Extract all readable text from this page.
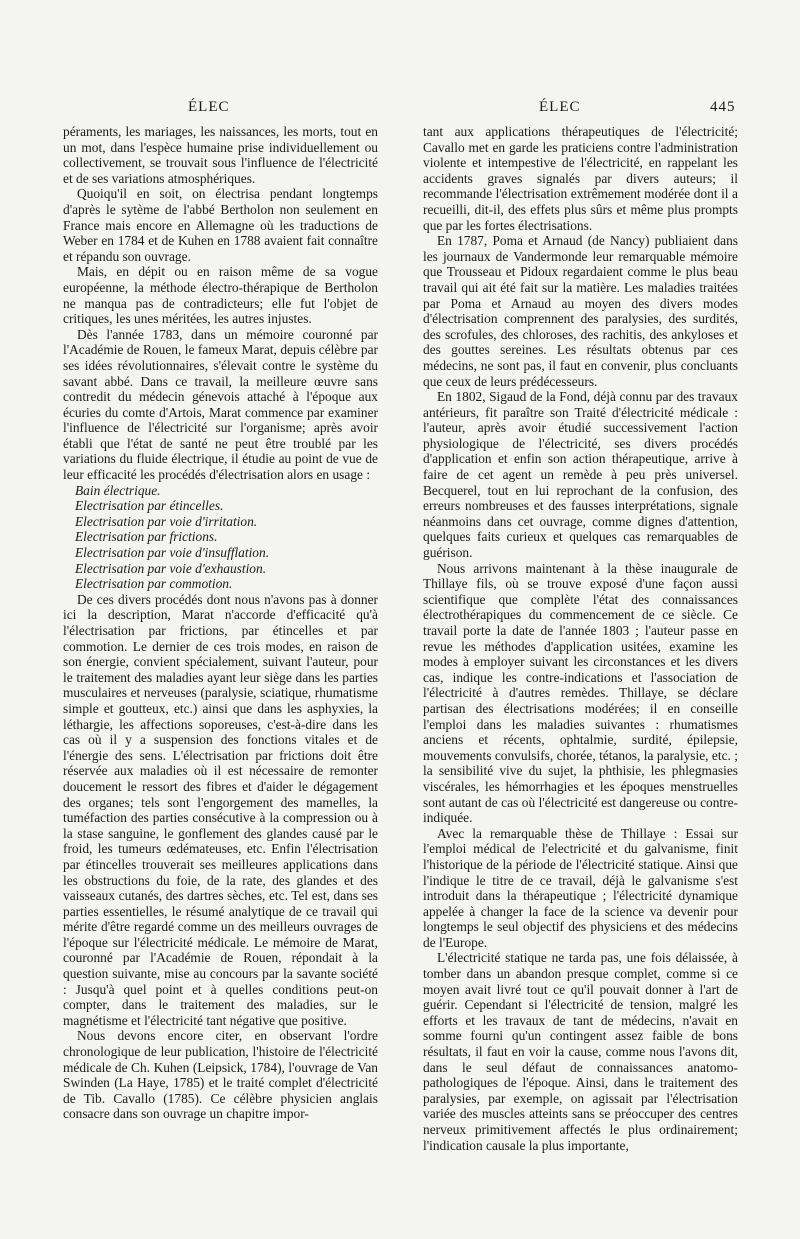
ÉLEC	ÉLEC	445

péraments, les mariages, les naissances, les morts, tout en un mot, dans l'espèce humaine prise individuellement ou collectivement, se trouvait sous l'influence de l'électricité et de ses variations atmosphériques.

Quoiqu'il en soit, on électrisa pendant longtemps d'après le sytème de l'abbé Bertholon non seulement en France mais encore en Allemagne où les traductions de Weber en 1784 et de Kuhen en 1788 avaient fait connaître et répandu son ouvrage.

Mais, en dépit ou en raison même de sa vogue européenne, la méthode électro-thérapique de Bertholon ne manqua pas de contradicteurs; elle fut l'objet de critiques, les unes méritées, les autres injustes.

Dès l'année 1783, dans un mémoire couronné par l'Académie de Rouen, le fameux Marat, depuis célèbre par ses idées révolutionnaires, s'élevait contre le système du savant abbé. Dans ce travail, la meilleure œuvre sans contredit du médecin génevois attaché à l'époque aux écuries du comte d'Artois, Marat commence par examiner l'influence de l'électricité sur l'organisme; après avoir établi que l'état de santé ne peut être troublé par les variations du fluide électrique, il étudie au point de vue de leur efficacité les procédés d'électrisation alors en usage :

Bain électrique.

Electrisation par étincelles.

Electrisation par voie d'irritation.

Electrisation par frictions.

Electrisation par voie d'insufflation.

Electrisation par voie d'exhaustion.

Electrisation par commotion.

De ces divers procédés dont nous n'avons pas à donner ici la description, Marat n'accorde d'efficacité qu'à l'électrisation par frictions, par étincelles et par commotion. Le dernier de ces trois modes, en raison de son énergie, convient spécialement, suivant l'auteur, pour le traitement des maladies ayant leur siège dans les parties musculaires et nerveuses (paralysie, sciatique, rhumatisme simple et goutteux, etc.) ainsi que dans les asphyxies, la léthargie, les affections soporeuses, c'est-à-dire dans les cas où il y a suspension des fonctions vitales et de l'énergie des sens. L'électrisation par frictions doit être réservée aux maladies où il est nécessaire de remonter doucement le ressort des fibres et d'aider le dégagement des organes; tels sont l'engorgement des mamelles, la tuméfaction des parties consécutive à la compression ou à la stase sanguine, le gonflement des glandes causé par le froid, les tumeurs œdémateuses, etc. Enfin l'électrisation par étincelles trouverait ses meilleures applications dans les obstructions du foie, de la rate, des glandes et des vaisseaux cutanés, des dartres sèches, etc. Tel est, dans ses parties essentielles, le résumé analytique de ce travail qui mérite d'être regardé comme un des meilleurs ouvrages de l'époque sur l'électricité médicale. Le mémoire de Marat, couronné par l'Académie de Rouen, répondait à la question suivante, mise au concours par la savante société : Jusqu'à quel point et à quelles conditions peut-on compter, dans le traitement des maladies, sur le magnétisme et l'électricité tant négative que positive.

Nous devons encore citer, en observant l'ordre chronologique de leur publication, l'histoire de l'électricité médicale de Ch. Kuhen (Leipsick, 1784), l'ouvrage de Van Swinden (La Haye, 1785) et le traité complet d'électricité de Tib. Cavallo (1785). Ce célèbre physicien anglais consacre dans son ouvrage un chapitre impor-

tant aux applications thérapeutiques de l'électricité; Cavallo met en garde les praticiens contre l'administration violente et intempestive de l'électricité, en rappelant les accidents graves signalés par divers auteurs; il recommande l'électrisation extrêmement modérée dont il a recueilli, dit-il, des effets plus sûrs et même plus prompts que par les fortes électrisations.

En 1787, Poma et Arnaud (de Nancy) publiaient dans les journaux de Vandermonde leur remarquable mémoire que Trousseau et Pidoux regardaient comme le plus beau travail qui ait été fait sur la matière. Les maladies traitées par Poma et Arnaud au moyen des divers modes d'électrisation comprennent des paralysies, des surdités, des scrofules, des chloroses, des rachitis, des ankyloses et des gouttes sereines. Les résultats obtenus par ces médecins, ne sont pas, il faut en convenir, plus concluants que ceux de leurs prédécesseurs.

En 1802, Sigaud de la Fond, déjà connu par des travaux antérieurs, fit paraître son Traité d'électricité médicale : l'auteur, après avoir étudié successivement l'action physiologique de l'électricité, ses divers procédés d'application et enfin son action thérapeutique, arrive à faire de cet agent un remède à peu près universel. Becquerel, tout en lui reprochant de la confusion, des erreurs nombreuses et des fausses interprétations, signale néanmoins dans cet ouvrage, comme dignes d'attention, quelques faits curieux et quelques cas remarquables de guérison.

Nous arrivons maintenant à la thèse inaugurale de Thillaye fils, où se trouve exposé d'une façon aussi scientifique que complète l'état des connaissances électrothérapiques du commencement de ce siècle. Ce travail porte la date de l'année 1803 ; l'auteur passe en revue les méthodes d'application usitées, examine les modes à employer suivant les circonstances et les divers cas, indique les contre-indications et l'association de l'électricité à d'autres remèdes. Thillaye, se déclare partisan des électrisations modérées; il en conseille l'emploi dans les maladies suivantes : rhumatismes anciens et récents, ophtalmie, surdité, épilepsie, mouvements convulsifs, chorée, tétanos, la paralysie, etc. ; la sensibilité vive du sujet, la phthisie, les phlegmasies viscérales, les hémorrhagies et les époques menstruelles sont autant de cas où l'électricité est dangereuse ou contre-indiquée.

Avec la remarquable thèse de Thillaye : Essai sur l'emploi médical de l'electricité et du galvanisme, finit l'historique de la période de l'électricité statique. Ainsi que l'indique le titre de ce travail, déjà le galvanisme s'est introduit dans la thérapeutique ; l'électricité dynamique appelée à changer la face de la science va devenir pour longtemps le seul objectif des physiciens et des médecins de l'Europe.

L'électricité statique ne tarda pas, une fois délaissée, à tomber dans un abandon presque complet, comme si ce moyen avait livré tout ce qu'il pouvait donner à l'art de guérir. Cependant si l'électricité de tension, malgré les efforts et les travaux de tant de médecins, n'avait en somme fourni qu'un contingent assez faible de bons résultats, il faut en voir la cause, comme nous l'avons dit, dans le seul défaut de connaissances anatomo-pathologiques de l'époque. Ainsi, dans le traitement des paralysies, par exemple, on agissait par l'électrisation variée des muscles atteints sans se préoccuper des centres nerveux primitivement affectés le plus ordinairement; l'indication causale la plus importante,
